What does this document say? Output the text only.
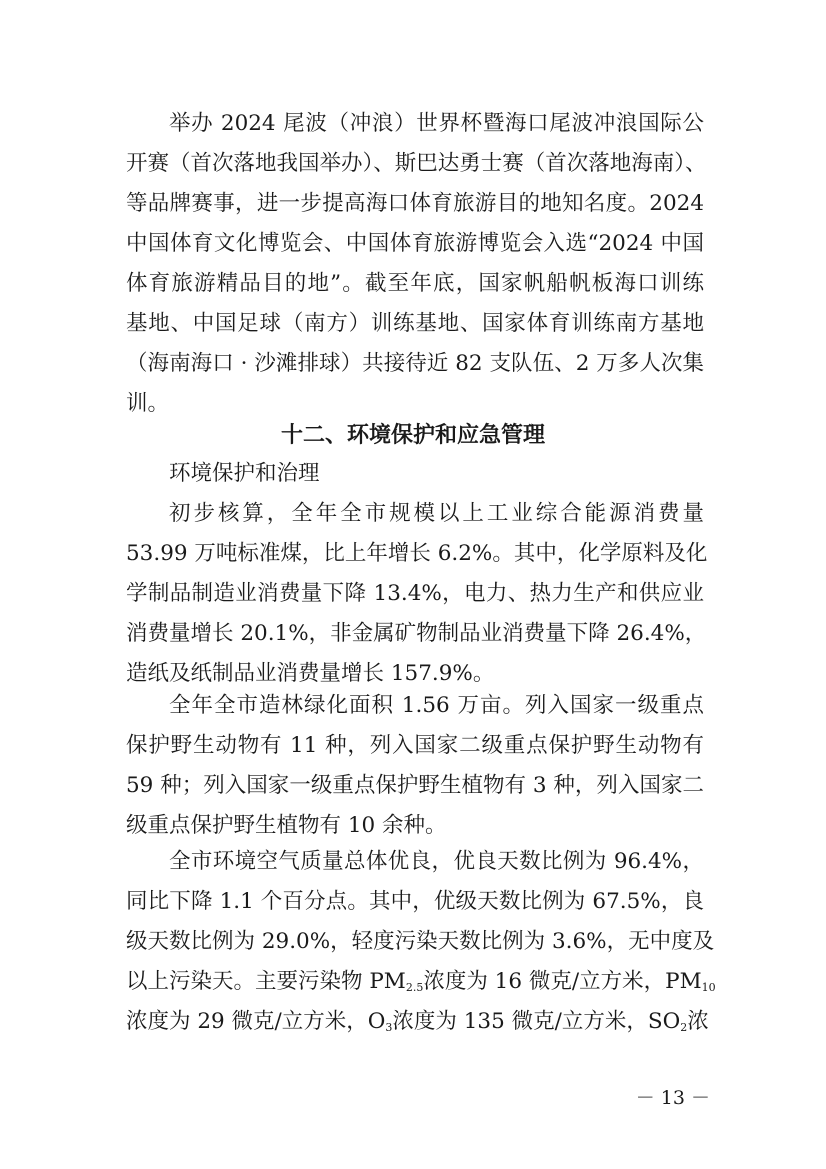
举办 2024 尾波（冲浪）世界杯暨海口尾波冲浪国际公
开赛（首次落地我国举办）、斯巴达勇士赛（首次落地海南）、
等品牌赛事，进一步提高海口体育旅游目的地知名度。2024
中国体育文化博览会、中国体育旅游博览会入选“2024 中国
体育旅游精品目的地”。截至年底，国家帆船帆板海口训练
基地、中国足球（南方）训练基地、国家体育训练南方基地
（海南海口 · 沙滩排球）共接待近 82 支队伍、2 万多人次集
训。
十二、环境保护和应急管理
环境保护和治理
初步核算，全年全市规模以上工业综合能源消费量
53.99 万吨标准煤，比上年增长 6.2%。其中，化学原料及化
学制品制造业消费量下降 13.4%，电力、热力生产和供应业
消费量增长 20.1%，非金属矿物制品业消费量下降 26.4%，
造纸及纸制品业消费量增长 157.9%。
全年全市造林绿化面积 1.56 万亩。列入国家一级重点
保护野生动物有 11 种，列入国家二级重点保护野生动物有
59 种；列入国家一级重点保护野生植物有 3 种，列入国家二
级重点保护野生植物有 10 余种。
全市环境空气质量总体优良，优良天数比例为 96.4%，
同比下降 1.1 个百分点。其中，优级天数比例为 67.5%，良
级天数比例为 29.0%，轻度污染天数比例为 3.6%，无中度及
以上污染天。主要污染物 $PM_{2.5}$浓度为 16 微克/立方米，$PM_{10}$
浓度为 29 微克/立方米，$O_3$浓度为 135 微克/立方米，$SO_2$浓
－ 13 －
